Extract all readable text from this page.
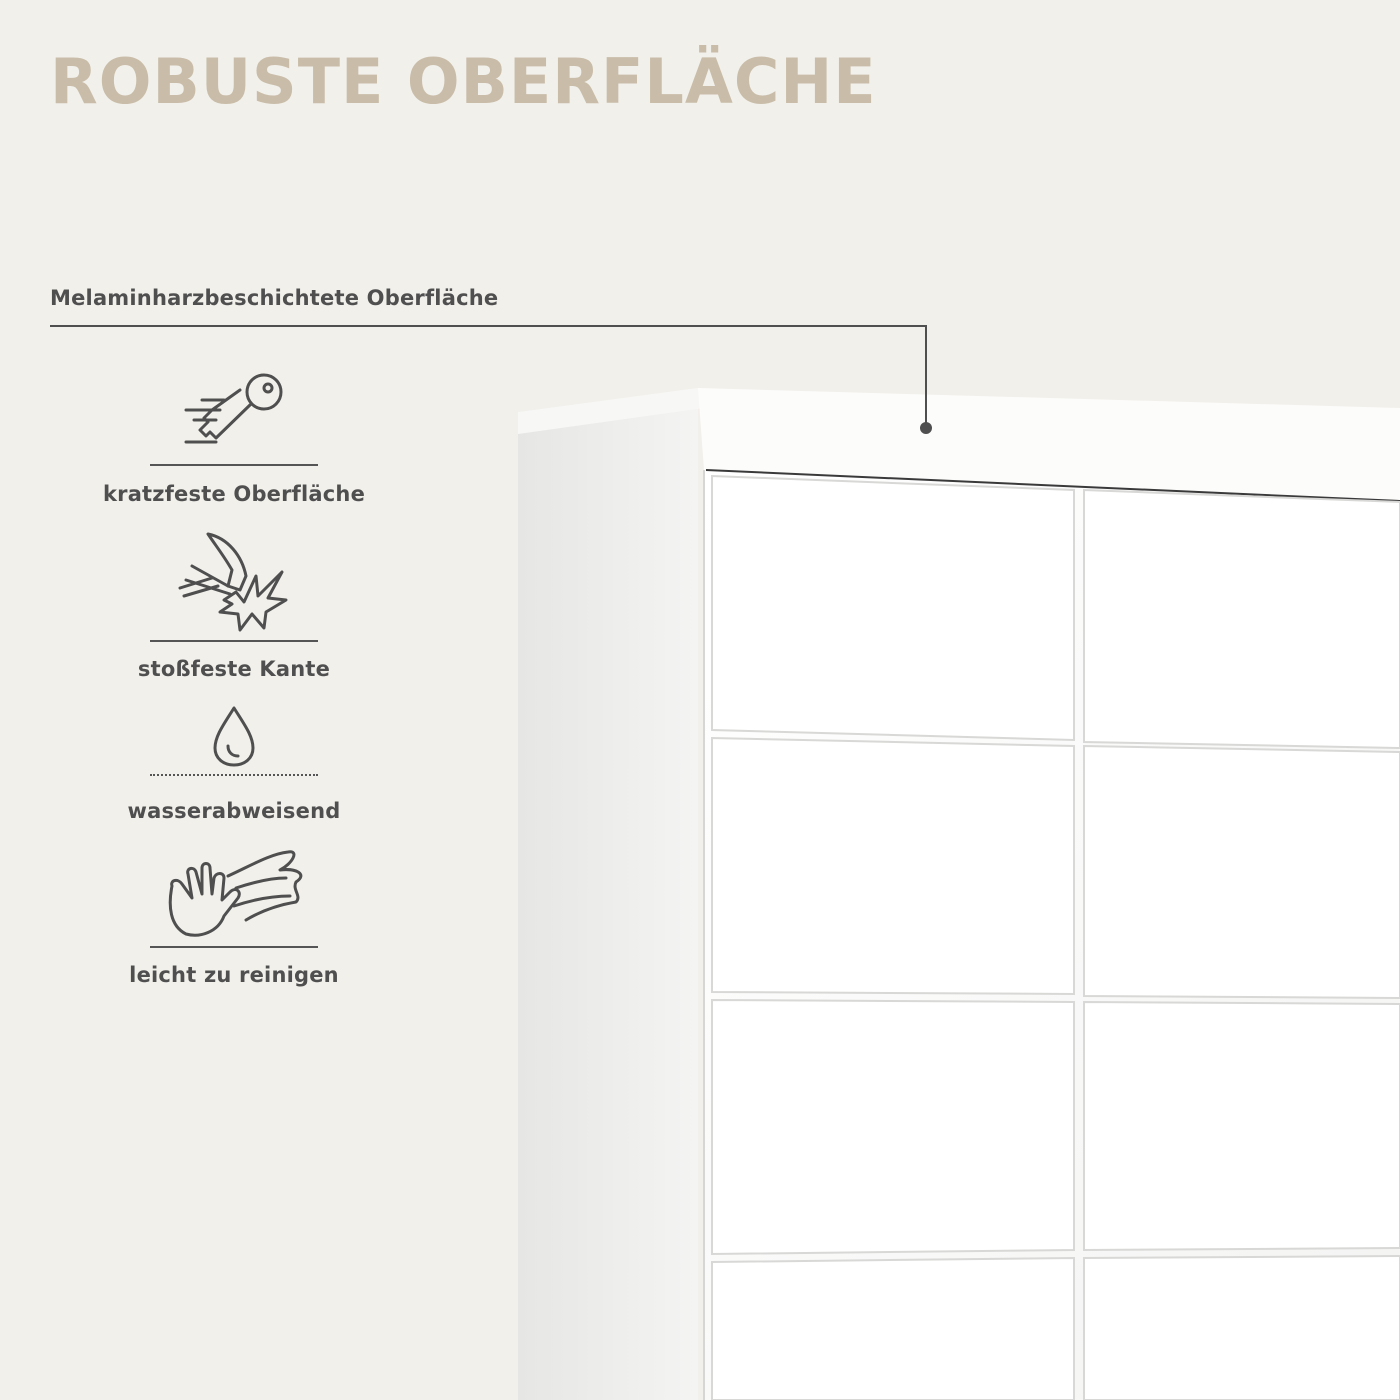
ROBUSTE OBERFLÄCHE
Melaminharzbeschichtete Oberfläche
kratzfeste Oberfläche
stoßfeste Kante
wasserabweisend
leicht zu reinigen
